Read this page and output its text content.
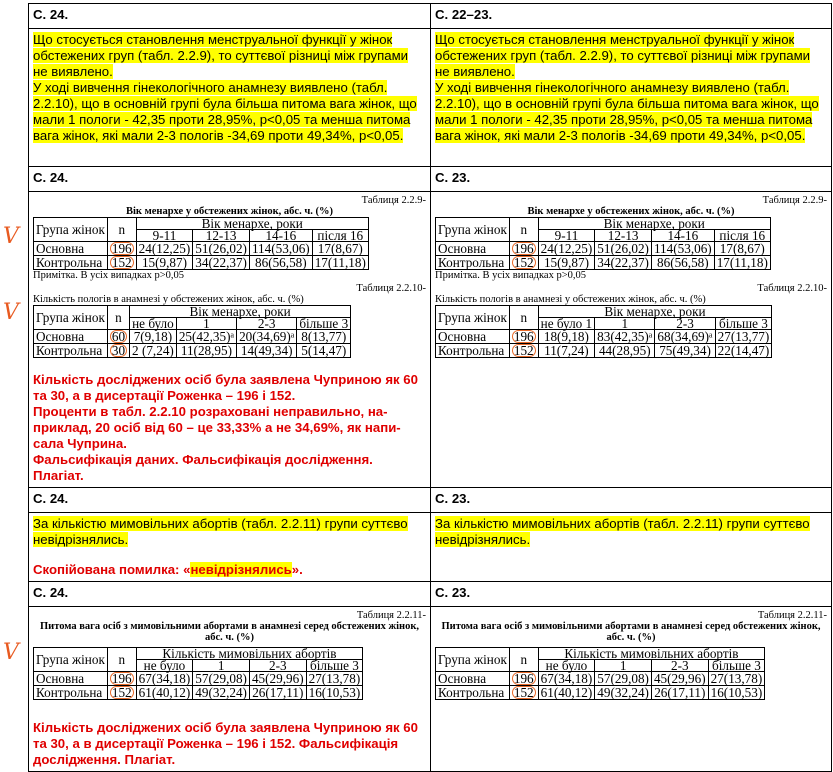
С. 24.	С. 22–23.
Що стосується становлення менструальної функції у жінок обстежених груп (табл. 2.2.9), то суттєвої різниці між групами не виявлено.
У ході вивчення гінекологічного анамнезу виявлено (табл. 2.2.10), що в основній групі була більша питома вага жінок, що мали 1 пологи - 42,35 проти 28,95%, р<0,05 та менша питома вага жінок, які мали 2-3 пологів -34,69 проти 49,34%, р<0,05.	Що стосується становлення менструальної функції у жінок обстежених груп (табл. 2.2.9), то суттєвої різниці між групами не виявлено.
У ході вивчення гінекологічного анамнезу виявлено (табл. 2.2.10), що в основній групі була більша питома вага жінок, що мали 1 пологи - 42,35 проти 28,95%, р<0,05 та менша питома вага жінок, які мали 2-3 пологів -34,69 проти 49,34%, р<0,05.
С. 24.	С. 23.

Таблиця 2.2.9-
Вік менархе у обстежених жінок, абс. ч. (%)
Група жінок	n	Вік менархе, роки
9-11	12-13	14-16	після 16
Основна	196	24(12,25)	51(26,02)	114(53,06)	17(8,67)
Контрольна	152	15(9,87)	34(22,37)	86(56,58)	17(11,18)
Примітка. В усіх випадках р>0,05
Таблиця 2.2.10-
Кількість пологів в анамнезі у обстежених жінок, абс. ч. (%)
Група жінок	n	Вік менархе, роки
не було	1	2-3	більше 3
Основна	60	7(9,18)	25(42,35)ᵃ	20(34,69)ᵃ	8(13,77)
Контрольна	30	2 (7,24)	11(28,95)	14(49,34)	5(14,47)
Кількість досліджених осіб була заявлена Чуприною як 60 та 30, а в дисертації Роженка – 196 і 152.
Проценти в табл. 2.2.10 розраховані неправильно, на-приклад, 20 осіб від 60 – це 33,33% а не 34,69%, як напи-сала Чуприна.
Фальсифікація даних. Фальсифікація дослідження. Плагіат.

Таблиця 2.2.9-
Вік менархе у обстежених жінок, абс. ч. (%)
Група жінок	n	Вік менархе, роки
9-11	12-13	14-16	після 16
Основна	196	24(12,25)	51(26,02)	114(53,06)	17(8,67)
Контрольна	152	15(9,87)	34(22,37)	86(56,58)	17(11,18)
Примітка. В усіх випадках р>0,05
Таблиця 2.2.10-
Кількість пологів в анамнезі у обстежених жінок, абс. ч. (%)
Група жінок	n	Вік менархе, роки
не було 1	1	2-3	більше 3
Основна	196	18(9,18)	83(42,35)ᵃ	68(34,69)ᵃ	27(13,77)
Контрольна	152	11(7,24)	44(28,95)	75(49,34)	22(14,47)

С. 24.	С. 23.
За кількістю мимовільних абортів (табл. 2.2.11) групи суттєво невідрізнялись.
Скопійована помилка: «невідрізнялись».
	За кількістю мимовільних абортів (табл. 2.2.11) групи суттєво невідрізнялись.
С. 24.	С. 23.

Таблиця 2.2.11-
Питома вага осіб з мимовільними абортами в анамнезі серед обстежених жінок, абс. ч. (%)
Група жінок	n	Кількість мимовільних абортів
не було	1	2-3	більше 3
Основна	196	67(34,18)	57(29,08)	45(29,96)	27(13,78)
Контрольна	152	61(40,12)	49(32,24)	26(17,11)	16(10,53)
Кількість досліджених осіб була заявлена Чуприною як 60 та 30, а в дисертації Роженка – 196 і 152. Фальсифікація дослідження. Плагіат.

Таблиця 2.2.11-
Питома вага осіб з мимовільними абортами в анамнезі серед обстежених жінок, абс. ч. (%)
Група жінок	n	Кількість мимовільних абортів
не було	1	2-3	більше 3
Основна	196	67(34,18)	57(29,08)	45(29,96)	27(13,78)
Контрольна	152	61(40,12)	49(32,24)	26(17,11)	16(10,53)
V
V
V
